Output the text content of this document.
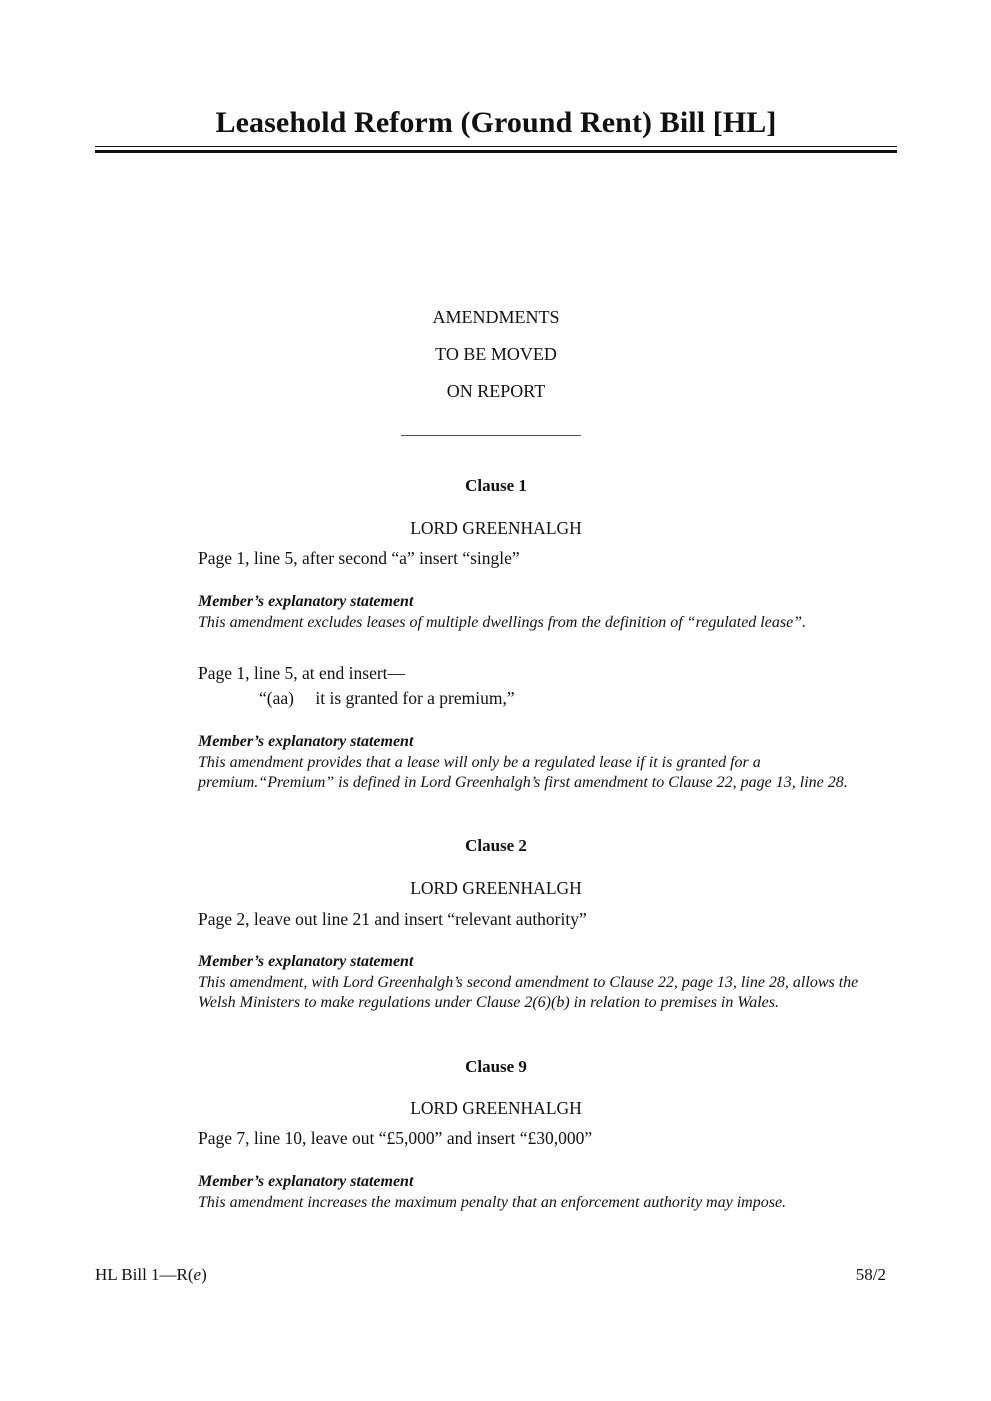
Leasehold Reform (Ground Rent) Bill [HL]
AMENDMENTS
TO BE MOVED
ON REPORT
Clause 1
LORD GREENHALGH
Page 1, line 5, after second “a” insert “single”
Member’s explanatory statement
This amendment excludes leases of multiple dwellings from the definition of “regulated lease”.
Page 1, line 5, at end insert—
“(aa) it is granted for a premium,”
Member’s explanatory statement
This amendment provides that a lease will only be a regulated lease if it is granted for a premium.“Premium” is defined in Lord Greenhalgh’s first amendment to Clause 22, page 13, line 28.
Clause 2
LORD GREENHALGH
Page 2, leave out line 21 and insert “relevant authority”
Member’s explanatory statement
This amendment, with Lord Greenhalgh’s second amendment to Clause 22, page 13, line 28, allows the Welsh Ministers to make regulations under Clause 2(6)(b) in relation to premises in Wales.
Clause 9
LORD GREENHALGH
Page 7, line 10, leave out “£5,000” and insert “£30,000”
Member’s explanatory statement
This amendment increases the maximum penalty that an enforcement authority may impose.
HL Bill 1—R(e)	58/2
